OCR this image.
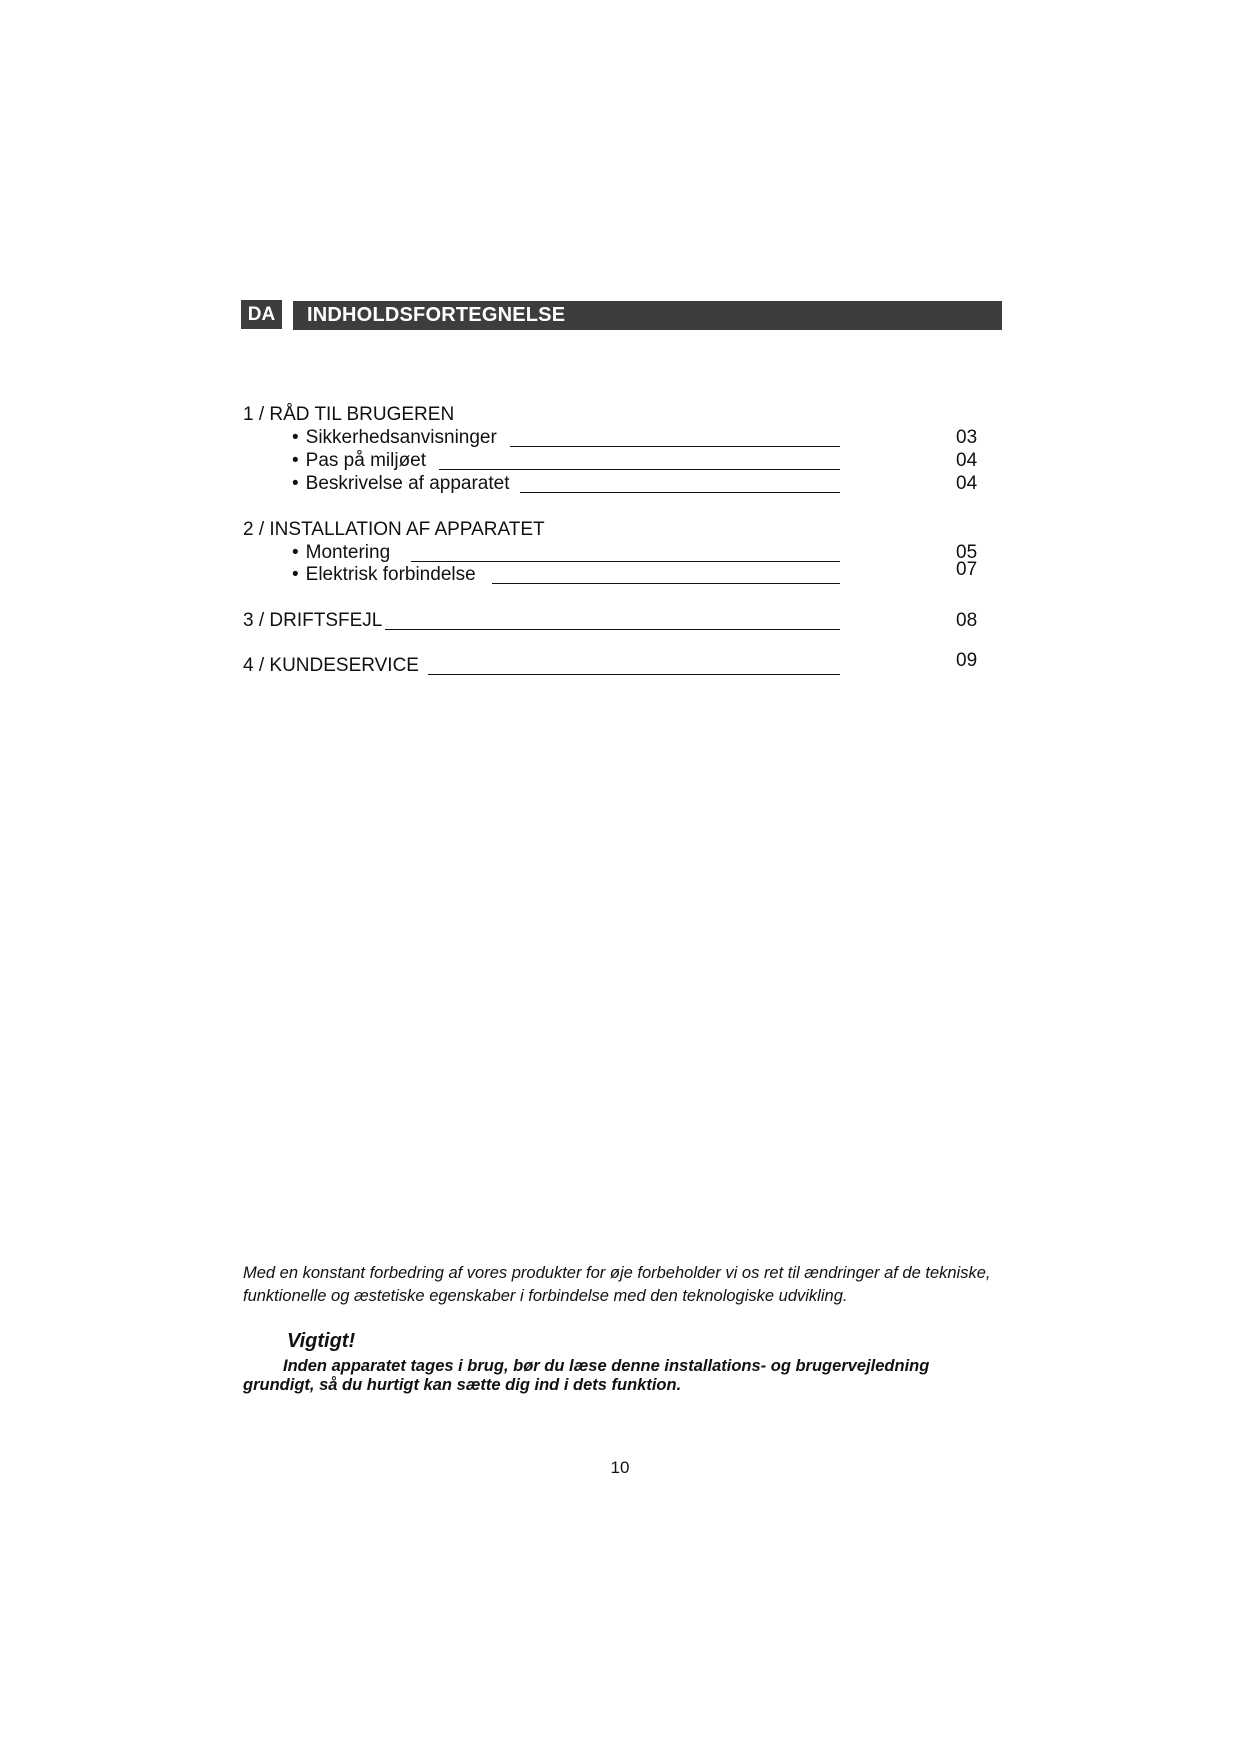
DA	INDHOLDSFORTEGNELSE
1 / RÅD TIL BRUGEREN
• Sikkerhedsanvisninger	03
• Pas på miljøet	04
• Beskrivelse af apparatet	04
2 / INSTALLATION AF APPARATET
• Montering	05
• Elektrisk forbindelse	07
3 / DRIFTSFEJL	08
4 / KUNDESERVICE	09
Med en konstant forbedring af vores produkter for øje forbeholder vi os ret til ændringer af de tekniske, funktionelle og æstetiske egenskaber i forbindelse med den teknologiske udvikling.
Vigtigt!
Inden apparatet tages i brug, bør du læse denne installations- og brugervejledning grundigt, så du hurtigt kan sætte dig ind i dets funktion.
10
